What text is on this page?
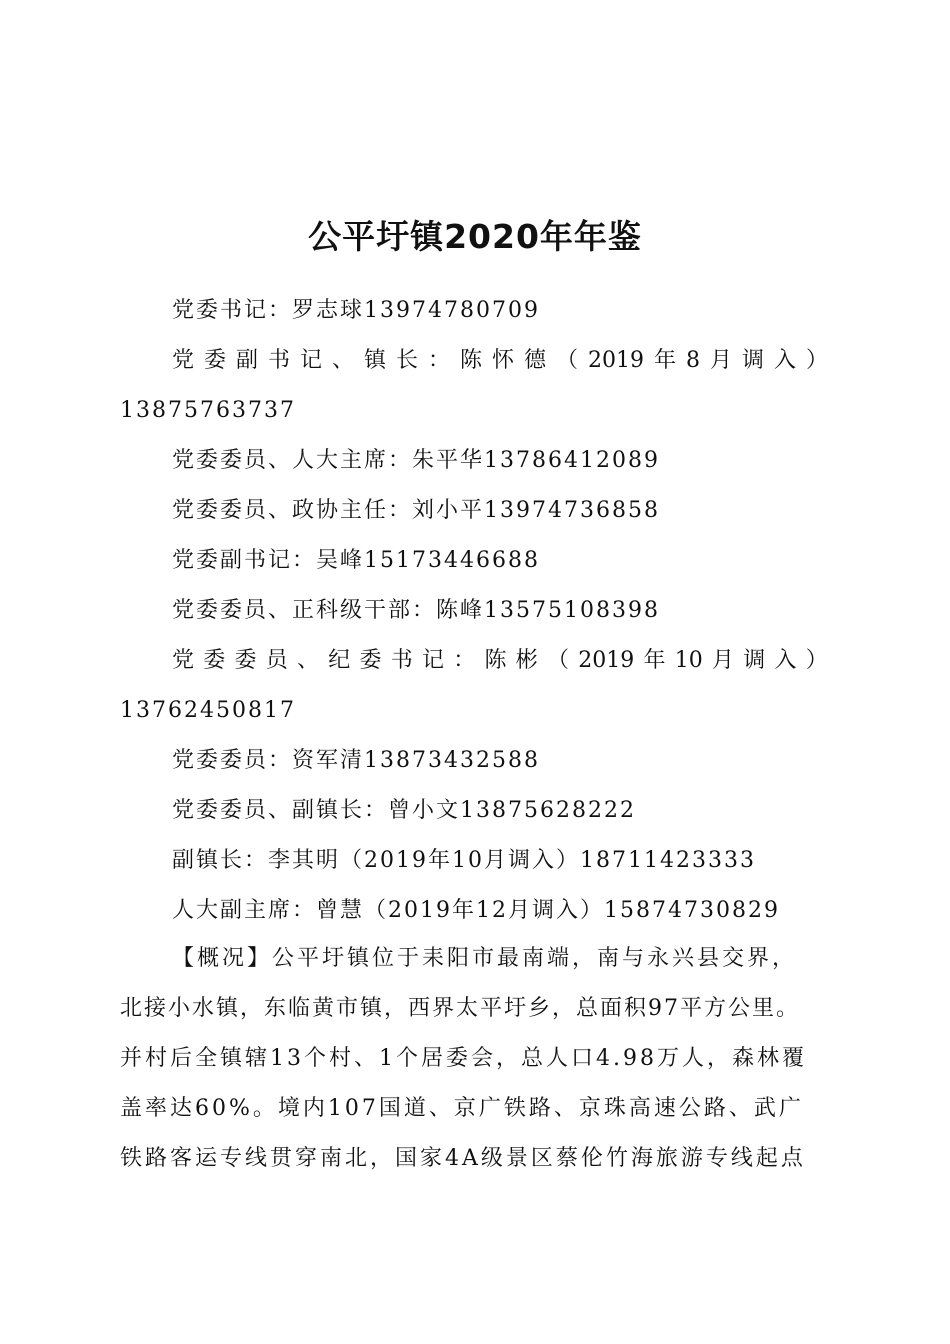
公平圩镇2020年年鉴
党委书记：罗志球13974780709
党 委 副 书 记 、 镇 长 ： 陈 怀 德 （ 2019 年 8 月 调 入 ）
13875763737
党委委员、人大主席：朱平华13786412089
党委委员、政协主任：刘小平13974736858
党委副书记：吴峰15173446688
党委委员、正科级干部：陈峰13575108398
党 委 委 员 、 纪 委 书 记 ： 陈 彬 （ 2019 年 10 月 调 入 ）
13762450817
党委委员：资军清13873432588
党委委员、副镇长：曾小文13875628222
副镇长：李其明（2019年10月调入）18711423333
人大副主席：曾慧（2019年12月调入）15874730829
【概况】公平圩镇位于耒阳市最南端，南与永兴县交界，
北接小水镇，东临黄市镇，西界太平圩乡，总面积97平方公里。
并村后全镇辖13个村、1个居委会，总人口4.98万人，森林覆
盖率达60%。境内107国道、京广铁路、京珠高速公路、武广
铁路客运专线贯穿南北，国家4A级景区蔡伦竹海旅游专线起点
